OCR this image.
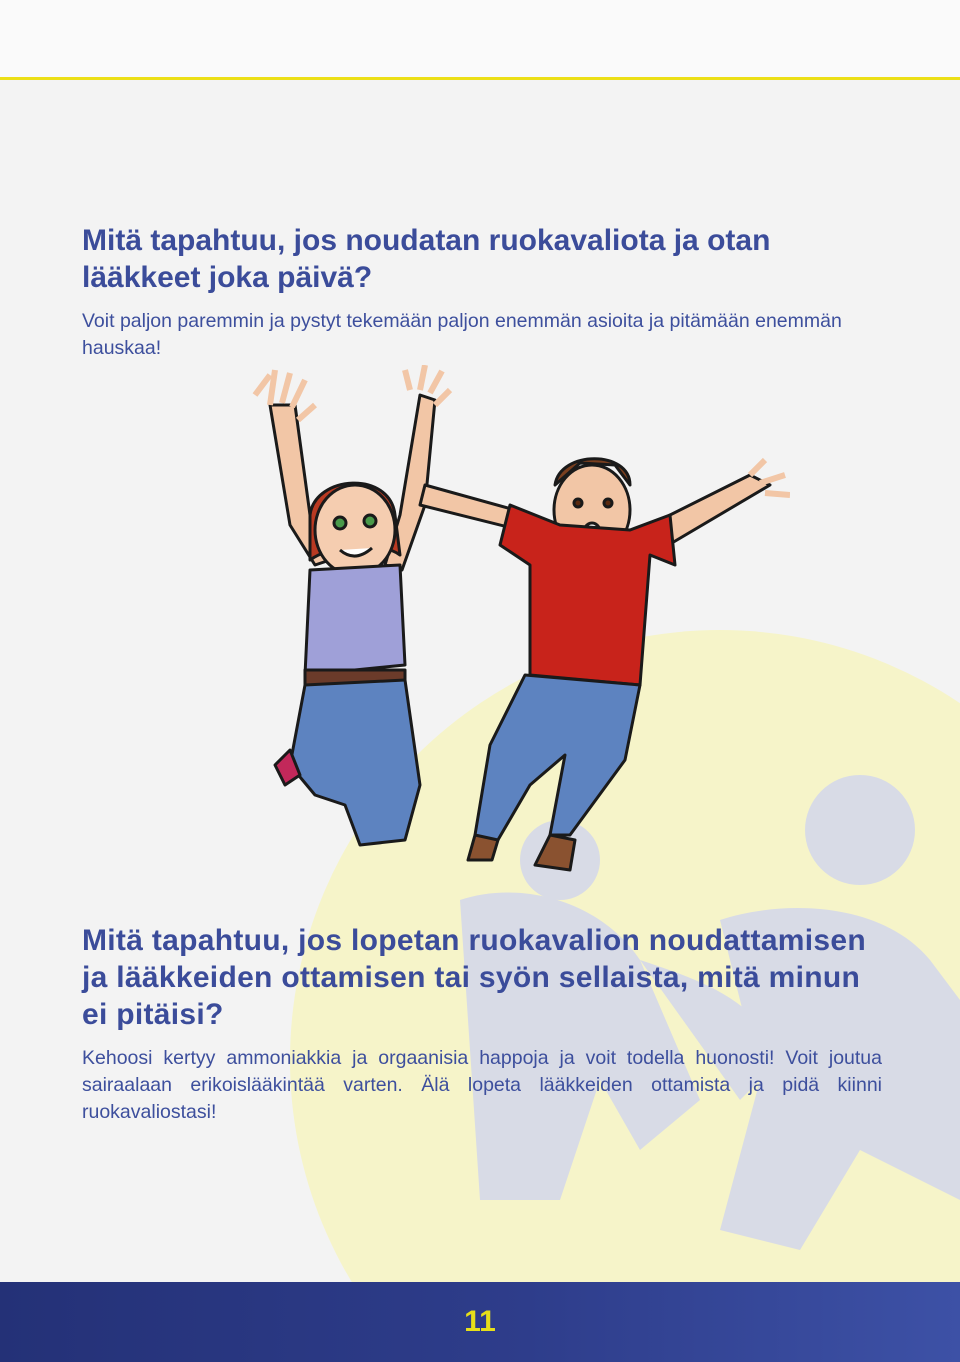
Mitä tapahtuu, jos noudatan ruokavaliota ja otan lääkkeet joka päivä?

Voit paljon paremmin ja pystyt tekemään paljon enemmän asioita ja pitämään enemmän hauskaa!

Mitä tapahtuu, jos lopetan ruokavalion noudattamisen ja lääkkeiden ottamisen tai syön sellaista, mitä minun ei pitäisi?

Kehoosi kertyy ammoniakkia ja orgaanisia happoja ja voit todella huonosti! Voit joutua sairaalaan erikoislääkintää varten. Älä lopeta lääkkeiden ottamista ja pidä kiinni ruokavaliostasi!

11
